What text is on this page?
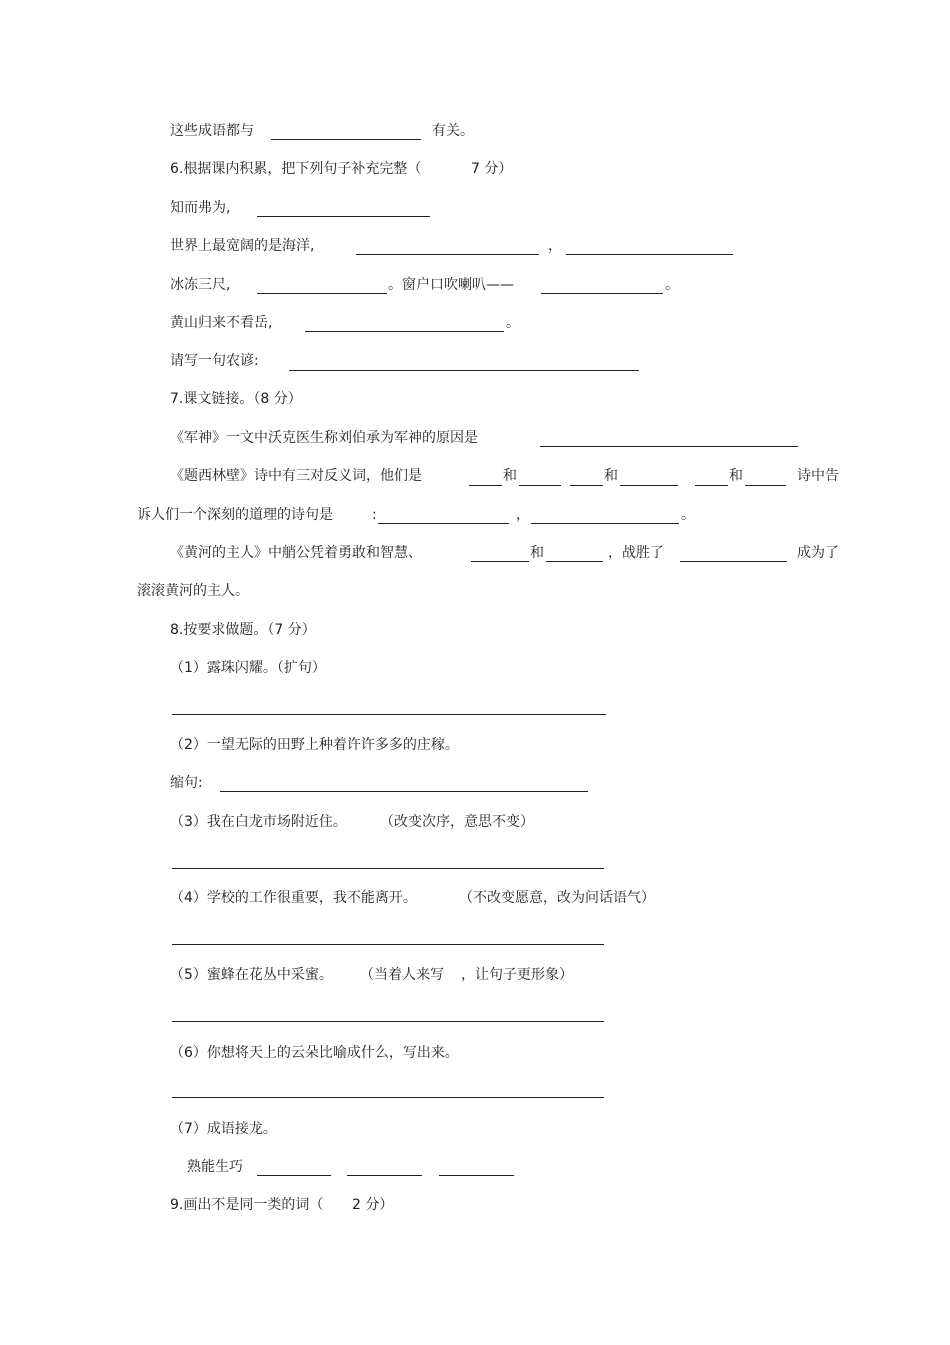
这些成语都与	有关。
6.根据课内积累，把下列句子补充完整（	7 分）
知而弗为,
世界上最宽阔的是海洋,	，
冰冻三尺,	。窗户口吹喇叭——	。
黄山归来不看岳,	。
请写一句农谚:
7.课文链接。（8 分）
《军神》一文中沃克医生称刘伯承为军神的原因是
《题西林壁》诗中有三对反义词，他们是	和	和	和	诗中告
诉人们一个深刻的道理的诗句是	:	，	。
《黄河的主人》中艄公凭着勇敢和智慧、	和	，战胜了	成为了
滚滚黄河的主人。
8.按要求做题。（7 分）
（1）露珠闪耀。（扩句）
（2）一望无际的田野上种着许许多多的庄稼。
缩句:
（3）我在白龙市场附近住。 （改变次序，意思不变）
（4）学校的工作很重要，我不能离开。	（不改变愿意，改为问话语气）
（5）蜜蜂在花丛中采蜜。 （当着人来写 ，让句子更形象）
（6）你想将天上的云朵比喻成什么，写出来。
（7）成语接龙。
熟能生巧
9.画出不是同一类的词（ 2 分）
